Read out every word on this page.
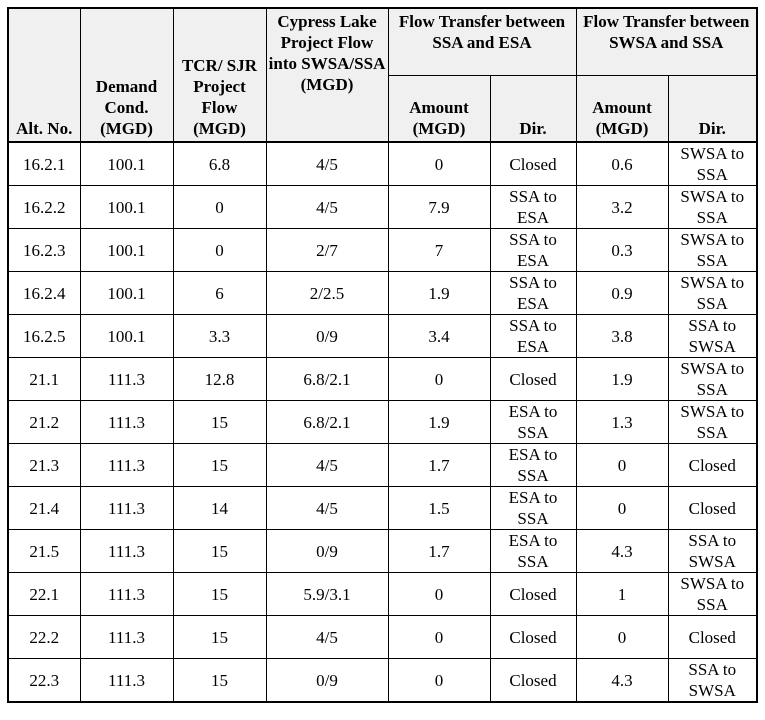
Alt. No.	Demand Cond. (MGD)	TCR/ SJR Project Flow (MGD)	Cypress Lake Project Flow into SWSA/SSA (MGD)	Flow Transfer between SSA and ESA		Flow Transfer between SWSA and SSA	
				Amount (MGD)	Dir.	Amount (MGD)	Dir.
16.2.1	100.1	6.8	4/5	0	Closed	0.6	SWSA to SSA
16.2.2	100.1	0	4/5	7.9	SSA to ESA	3.2	SWSA to SSA
16.2.3	100.1	0	2/7	7	SSA to ESA	0.3	SWSA to SSA
16.2.4	100.1	6	2/2.5	1.9	SSA to ESA	0.9	SWSA to SSA
16.2.5	100.1	3.3	0/9	3.4	SSA to ESA	3.8	SSA to SWSA
21.1	111.3	12.8	6.8/2.1	0	Closed	1.9	SWSA to SSA
21.2	111.3	15	6.8/2.1	1.9	ESA to SSA	1.3	SWSA to SSA
21.3	111.3	15	4/5	1.7	ESA to SSA	0	Closed
21.4	111.3	14	4/5	1.5	ESA to SSA	0	Closed
21.5	111.3	15	0/9	1.7	ESA to SSA	4.3	SSA to SWSA
22.1	111.3	15	5.9/3.1	0	Closed	1	SWSA to SSA
22.2	111.3	15	4/5	0	Closed	0	Closed
22.3	111.3	15	0/9	0	Closed	4.3	SSA to SWSA
